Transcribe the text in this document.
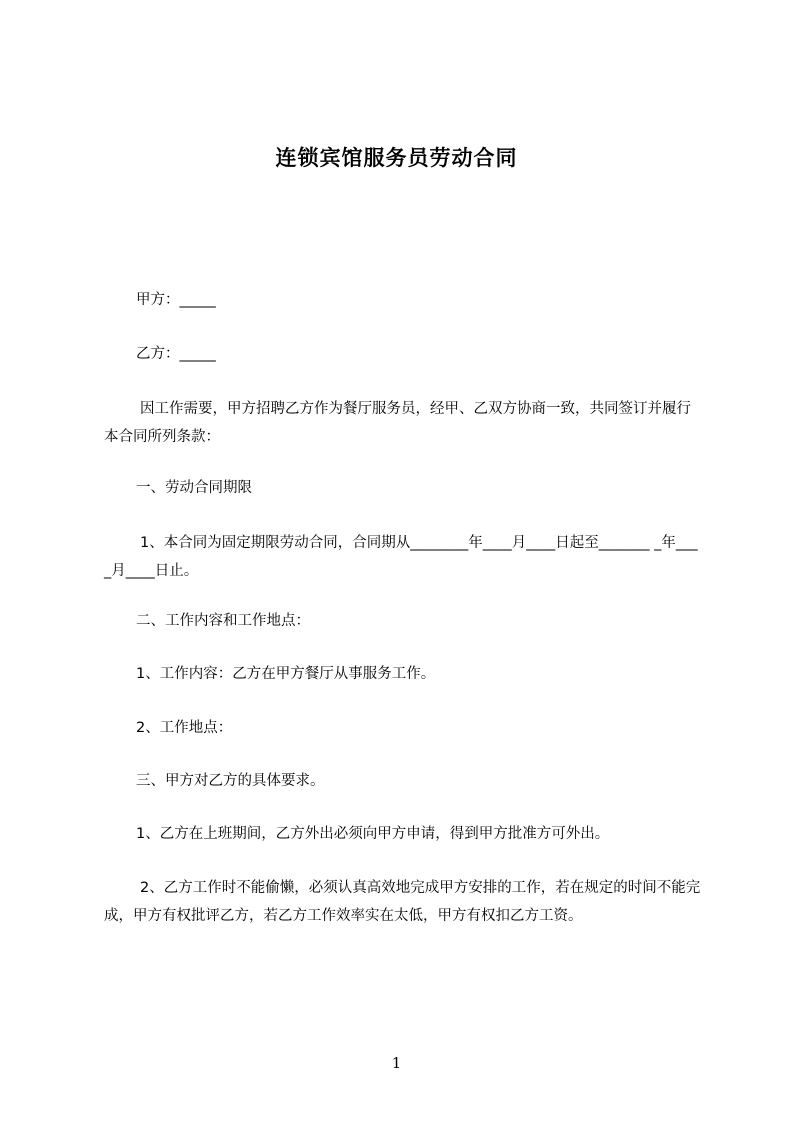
连锁宾馆服务员劳动合同
甲方：_____
乙方：_____
因工作需要，甲方招聘乙方作为餐厅服务员，经甲、乙双方协商一致，共同签订并履行本合同所列条款：
一、劳动合同期限
1、本合同为固定期限劳动合同，合同期从________年____月____日起至_______ _年____月____日止。
二、工作内容和工作地点：
1、工作内容：乙方在甲方餐厅从事服务工作。
2、工作地点：
三、甲方对乙方的具体要求。
1、乙方在上班期间，乙方外出必须向甲方申请，得到甲方批准方可外出。
2、乙方工作时不能偷懒，必须认真高效地完成甲方安排的工作，若在规定的时间不能完成，甲方有权批评乙方，若乙方工作效率实在太低，甲方有权扣乙方工资。
1
